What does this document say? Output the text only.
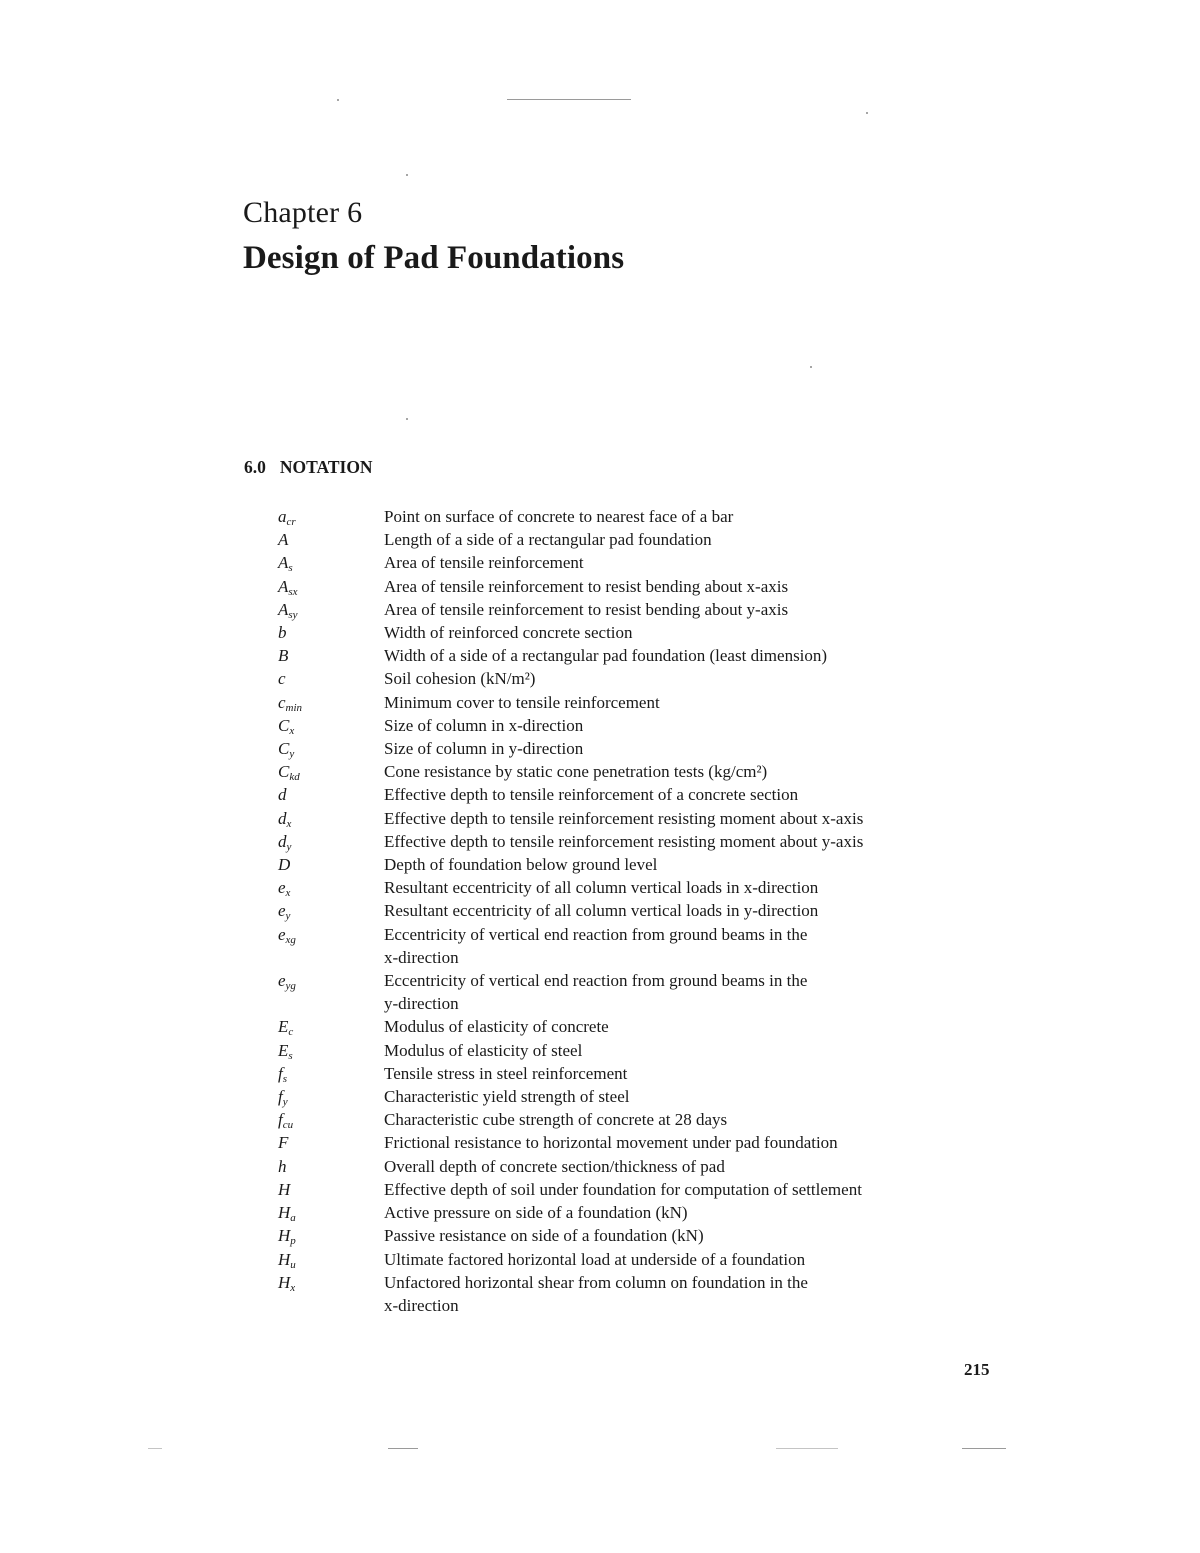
Chapter 6
Design of Pad Foundations
6.0 NOTATION
$a_{cr}$	Point on surface of concrete to nearest face of a bar
A	Length of a side of a rectangular pad foundation
$A_s$	Area of tensile reinforcement
$A_{sx}$	Area of tensile reinforcement to resist bending about x-axis
$A_{sy}$	Area of tensile reinforcement to resist bending about y-axis
b	Width of reinforced concrete section
B	Width of a side of a rectangular pad foundation (least dimension)
c	Soil cohesion (kN/m²)
$c_{min}$	Minimum cover to tensile reinforcement
$C_x$	Size of column in x-direction
$C_y$	Size of column in y-direction
$C_{kd}$	Cone resistance by static cone penetration tests (kg/cm²)
d	Effective depth to tensile reinforcement of a concrete section
$d_x$	Effective depth to tensile reinforcement resisting moment about x-axis
$d_y$	Effective depth to tensile reinforcement resisting moment about y-axis
D	Depth of foundation below ground level
$e_x$	Resultant eccentricity of all column vertical loads in x-direction
$e_y$	Resultant eccentricity of all column vertical loads in y-direction
$e_{xg}$	Eccentricity of vertical end reaction from ground beams in the
x-direction
$e_{yg}$	Eccentricity of vertical end reaction from ground beams in the
y-direction
$E_c$	Modulus of elasticity of concrete
$E_s$	Modulus of elasticity of steel
$f_s$	Tensile stress in steel reinforcement
$f_y$	Characteristic yield strength of steel
$f_{cu}$	Characteristic cube strength of concrete at 28 days
F	Frictional resistance to horizontal movement under pad foundation
h	Overall depth of concrete section/thickness of pad
H	Effective depth of soil under foundation for computation of settlement
$H_a$	Active pressure on side of a foundation (kN)
$H_p$	Passive resistance on side of a foundation (kN)
$H_u$	Ultimate factored horizontal load at underside of a foundation
$H_x$	Unfactored horizontal shear from column on foundation in the
x-direction
215
